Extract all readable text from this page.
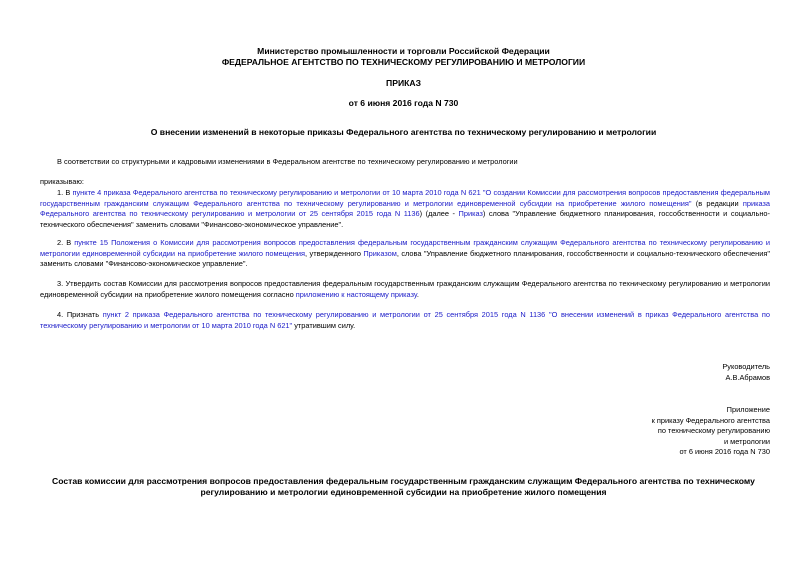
Министерство промышленности и торговли Российской Федерации
ФЕДЕРАЛЬНОЕ АГЕНТСТВО ПО ТЕХНИЧЕСКОМУ РЕГУЛИРОВАНИЮ И МЕТРОЛОГИИ
ПРИКАЗ
от 6 июня 2016 года N 730
О внесении изменений в некоторые приказы Федерального агентства по техническому регулированию и метрологии
В соответствии со структурными и кадровыми изменениями в Федеральном агентстве по техническому регулированию и метрологии
приказываю:
1. В пункте 4 приказа Федерального агентства по техническому регулированию и метрологии от 10 марта 2010 года N 621 "О создании Комиссии для рассмотрения вопросов предоставления федеральным государственным гражданским служащим Федерального агентства по техническому регулированию и метрологии единовременной субсидии на приобретение жилого помещения" (в редакции приказа Федерального агентства по техническому регулированию и метрологии от 25 сентября 2015 года N 1136) (далее - Приказ) слова "Управление бюджетного планирования, госсобственности и социально-технического обеспечения" заменить словами "Финансово-экономическое управление".
2. В пункте 15 Положения о Комиссии для рассмотрения вопросов предоставления федеральным государственным гражданским служащим Федерального агентства по техническому регулированию и метрологии единовременной субсидии на приобретение жилого помещения, утвержденного Приказом, слова "Управление бюджетного планирования, госсобственности и социально-технического обеспечения" заменить словами "Финансово-экономическое управление".
3. Утвердить состав Комиссии для рассмотрения вопросов предоставления федеральным государственным гражданским служащим Федерального агентства по техническому регулированию и метрологии единовременной субсидии на приобретение жилого помещения согласно приложению к настоящему приказу.
4. Признать пункт 2 приказа Федерального агентства по техническому регулированию и метрологии от 25 сентября 2015 года N 1136 "О внесении изменений в приказ Федерального агентства по техническому регулированию и метрологии от 10 марта 2010 года N 621" утратившим силу.
Руководитель
А.В.Абрамов
Приложение
к приказу Федерального агентства
по техническому регулированию
и метрологии
от 6 июня 2016 года N 730
Состав комиссии для рассмотрения вопросов предоставления федеральным государственным гражданским служащим Федерального агентства по техническому регулированию и метрологии единовременной субсидии на приобретение жилого помещения
